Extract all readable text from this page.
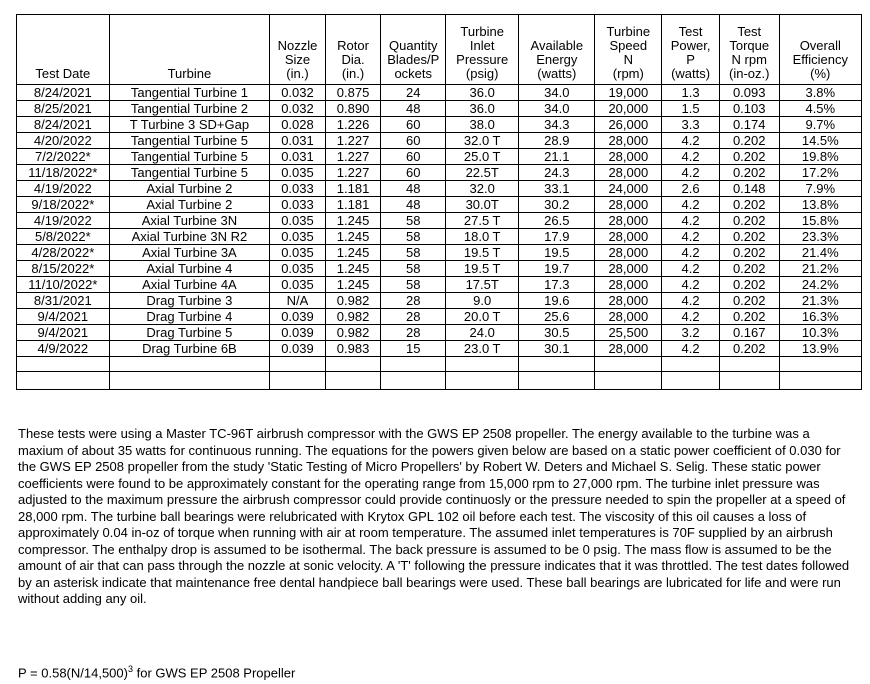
Test Date	Turbine	Nozzle
Size
(in.)	Rotor
Dia.
(in.)	Quantity
Blades/P
ockets	Turbine
Inlet
Pressure
(psig)	Available
Energy
(watts)	Turbine
Speed
N
(rpm)	Test
Power,
P
(watts)	Test
Torque
N rpm
(in-oz.)	Overall
Efficiency
(%)

8/24/2021	Tangential Turbine 1	0.032	0.875	24	36.0	34.0	19,000	1.3	0.093	3.8%
8/25/2021	Tangential Turbine 2	0.032	0.890	48	36.0	34.0	20,000	1.5	0.103	4.5%
8/24/2021	T Turbine 3 SD+Gap	0.028	1.226	60	38.0	34.3	26,000	3.3	0.174	9.7%
4/20/2022	Tangential Turbine 5	0.031	1.227	60	32.0 T	28.9	28,000	4.2	0.202	14.5%
7/2/2022*	Tangential Turbine 5	0.031	1.227	60	25.0 T	21.1	28,000	4.2	0.202	19.8%
11/18/2022*	Tangential Turbine 5	0.035	1.227	60	22.5T	24.3	28,000	4.2	0.202	17.2%
4/19/2022	Axial Turbine 2	0.033	1.181	48	32.0	33.1	24,000	2.6	0.148	7.9%
9/18/2022*	Axial Turbine 2	0.033	1.181	48	30.0T	30.2	28,000	4.2	0.202	13.8%
4/19/2022	Axial Turbine 3N	0.035	1.245	58	27.5 T	26.5	28,000	4.2	0.202	15.8%
5/8/2022*	Axial Turbine 3N R2	0.035	1.245	58	18.0 T	17.9	28,000	4.2	0.202	23.3%
4/28/2022*	Axial Turbine 3A	0.035	1.245	58	19.5 T	19.5	28,000	4.2	0.202	21.4%
8/15/2022*	Axial Turbine 4	0.035	1.245	58	19.5 T	19.7	28,000	4.2	0.202	21.2%
11/10/2022*	Axial Turbine 4A	0.035	1.245	58	17.5T	17.3	28,000	4.2	0.202	24.2%
8/31/2021	Drag Turbine 3	N/A	0.982	28	9.0	19.6	28,000	4.2	0.202	21.3%
9/4/2021	Drag Turbine 4	0.039	0.982	28	20.0 T	25.6	28,000	4.2	0.202	16.3%
9/4/2021	Drag Turbine 5	0.039	0.982	28	24.0	30.5	25,500	3.2	0.167	10.3%
4/9/2022	Drag Turbine 6B	0.039	0.983	15	23.0 T	30.1	28,000	4.2	0.202	13.9%

These tests were using a Master TC-96T airbrush compressor with the GWS EP 2508 propeller. The energy available to the turbine was a maxium of about 35 watts for continuous running. The equations for the powers given below are based on a static power coefficient of 0.030 for the GWS EP 2508 propeller from the study 'Static Testing of Micro Propellers' by Robert W. Deters and Michael S. Selig. These static power coefficients were found to be approximately constant for the operating range from 15,000 rpm to 27,000 rpm. The turbine inlet pressure was adjusted to the maximum pressure the airbrush compressor could provide continuosly or the pressure needed to spin the propeller at a speed of 28,000 rpm. The turbine ball bearings were relubricated with Krytox GPL 102 oil before each test. The viscosity of this oil causes a loss of approximately 0.04 in-oz of torque when running with air at room temperature. The assumed inlet temperatures is 70F supplied by an airbrush compressor. The enthalpy drop is assumed to be isothermal. The back pressure is assumed to be 0 psig. The mass flow is assumed to be the amount of air that can pass through the nozzle at sonic velocity. A 'T' following the pressure indicates that it was throttled. The test dates followed by an asterisk indicate that maintenance free dental handpiece ball bearings were used. These ball bearings are lubricated for life and were run without adding any oil.

$P = 0.58(N/14,500)^3$ for GWS EP 2508 Propeller
